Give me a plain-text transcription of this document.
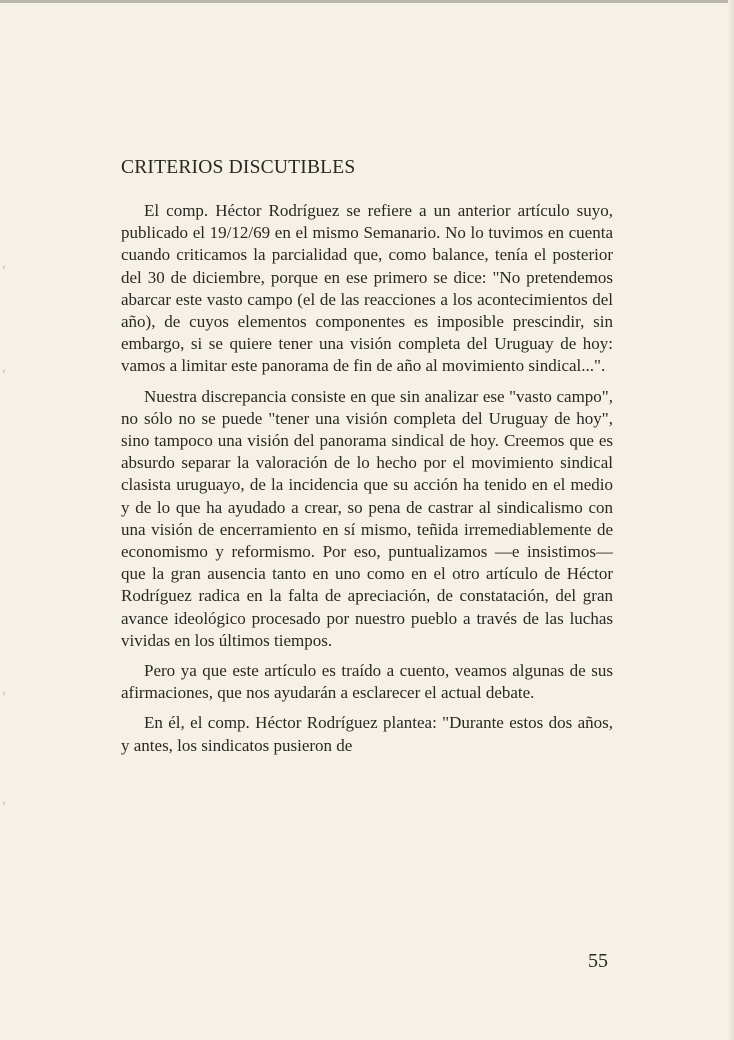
‹
‹
›
›
CRITERIOS DISCUTIBLES

El comp. Héctor Rodríguez se refiere a un anterior artículo suyo, publicado el 19/12/69 en el mismo Semanario. No lo tuvimos en cuenta cuando criticamos la parcialidad que, como balance, tenía el posterior del 30 de diciembre, porque en ese primero se dice: "No pretendemos abarcar este vasto campo (el de las reacciones a los acontecimientos del año), de cuyos elementos componentes es imposible prescindir, sin embargo, si se quiere tener una visión completa del Uruguay de hoy: vamos a limitar este panorama de fin de año al movimiento sindical...".

Nuestra discrepancia consiste en que sin analizar ese "vasto campo", no sólo no se puede "tener una visión completa del Uruguay de hoy", sino tampoco una visión del panorama sindical de hoy. Creemos que es absurdo separar la valoración de lo hecho por el movimiento sindical clasista uruguayo, de la incidencia que su acción ha tenido en el medio y de lo que ha ayudado a crear, so pena de castrar al sindicalismo con una visión de encerramiento en sí mismo, teñida irremediablemente de economismo y reformismo. Por eso, puntualizamos —e insistimos— que la gran ausencia tanto en uno como en el otro artículo de Héctor Rodríguez radica en la falta de apreciación, de constatación, del gran avance ideológico procesado por nuestro pueblo a través de las luchas vividas en los últimos tiempos.

Pero ya que este artículo es traído a cuento, veamos algunas de sus afirmaciones, que nos ayudarán a esclarecer el actual debate.

En él, el comp. Héctor Rodríguez plantea: "Durante estos dos años, y antes, los sindicatos pusieron de

55
